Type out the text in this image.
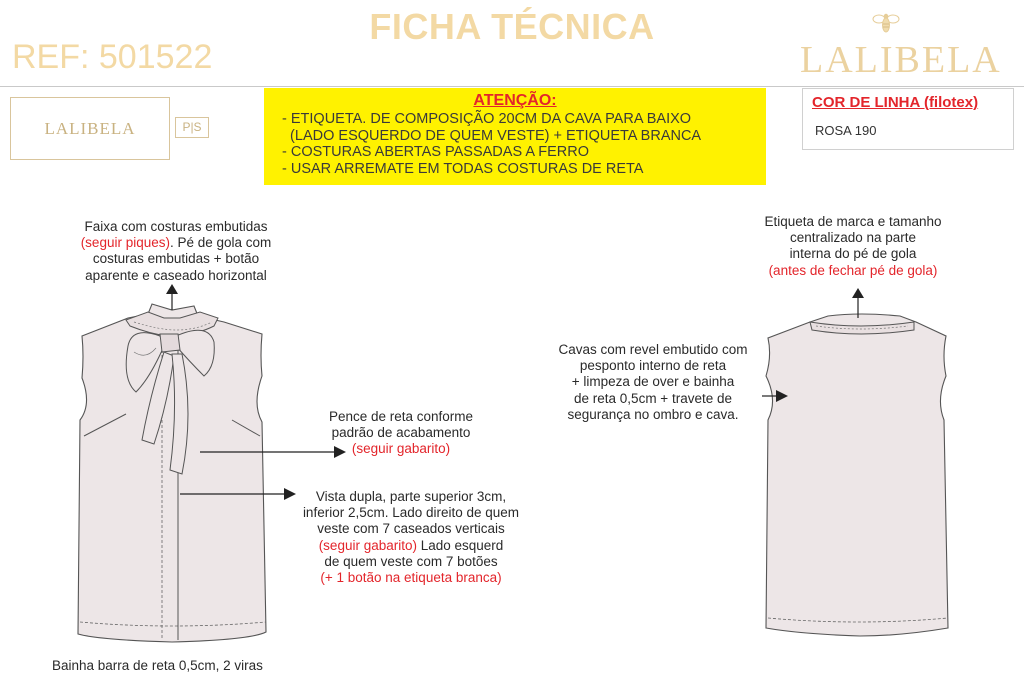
FICHA TÉCNICA
REF: 501522	LALIBELA
LALIBELA	P|S
ATENÇÃO:
- ETIQUETA. DE COMPOSIÇÃO 20CM DA CAVA PARA BAIXO
(LADO ESQUERDO DE QUEM VESTE) + ETIQUETA BRANCA
- COSTURAS ABERTAS PASSADAS A FERRO
- USAR ARREMATE EM TODAS COSTURAS DE RETA
COR DE LINHA (filotex)
ROSA 190
Faixa com costuras embutidas
(seguir piques). Pé de gola com
costuras embutidas + botão
aparente e caseado horizontal
Pence de reta conforme
padrão de acabamento
(seguir gabarito)
Vista dupla, parte superior 3cm,
inferior 2,5cm. Lado direito de quem
veste com 7 caseados verticais
(seguir gabarito) Lado esquerd
de quem veste com 7 botões
(+ 1 botão na etiqueta branca)
Bainha barra de reta 0,5cm, 2 viras
Etiqueta de marca e tamanho
centralizado na parte
interna do pé de gola
(antes de fechar pé de gola)
Cavas com revel embutido com
pesponto interno de reta
+ limpeza de over e bainha
de reta 0,5cm + travete de
segurança no ombro e cava.
